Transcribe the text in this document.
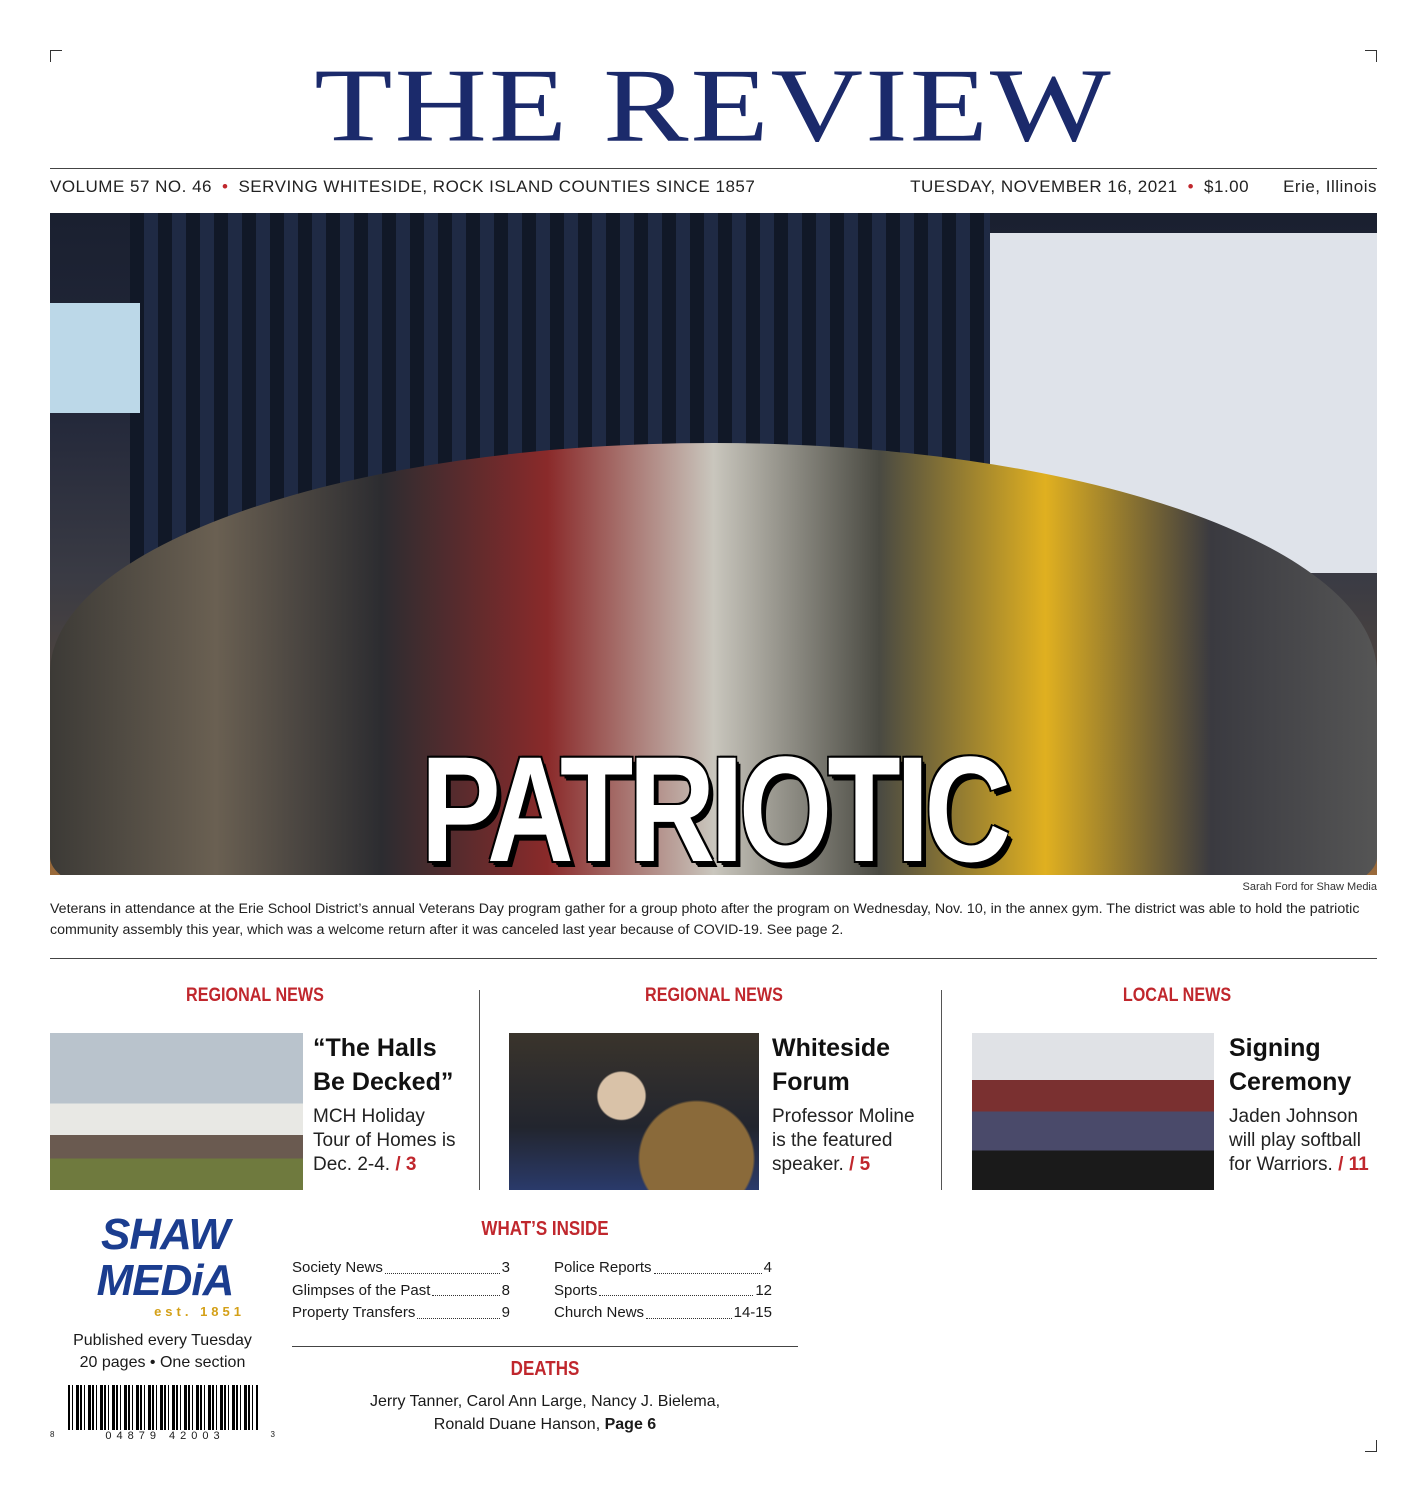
THE REVIEW
VOLUME 57 NO. 46 • SERVING WHITESIDE, ROCK ISLAND COUNTIES SINCE 1857	TUESDAY, NOVEMBER 16, 2021 • $1.00 Erie, Illinois
PATRIOTIC	Sarah Ford for Shaw Media
Veterans in attendance at the Erie School District’s annual Veterans Day program gather for a group photo after the program on Wednesday, Nov. 10, in the annex gym. The district was able to hold the patriotic community assembly this year, which was a welcome return after it was canceled last year because of COVID-19. See page 2.
REGIONAL NEWS
“The Halls Be Decked”
MCH Holiday Tour of Homes is Dec. 2-4. / 3
REGIONAL NEWS
Whiteside Forum
Professor Moline is the featured speaker. / 5
LOCAL NEWS
Signing Ceremony
Jaden Johnson will play softball for Warriors. / 11
SHAW
MEDiA
est. 1851
Published every Tuesday
20 pages • One section
8	04879 42003	3
WHAT’S INSIDE
Society News	3
Glimpses of the Past	8
Property Transfers	9
Police Reports	4
Sports	12
Church News	14-15
DEATHS
Jerry Tanner, Carol Ann Large, Nancy J. Bielema, Ronald Duane Hanson, Page 6
